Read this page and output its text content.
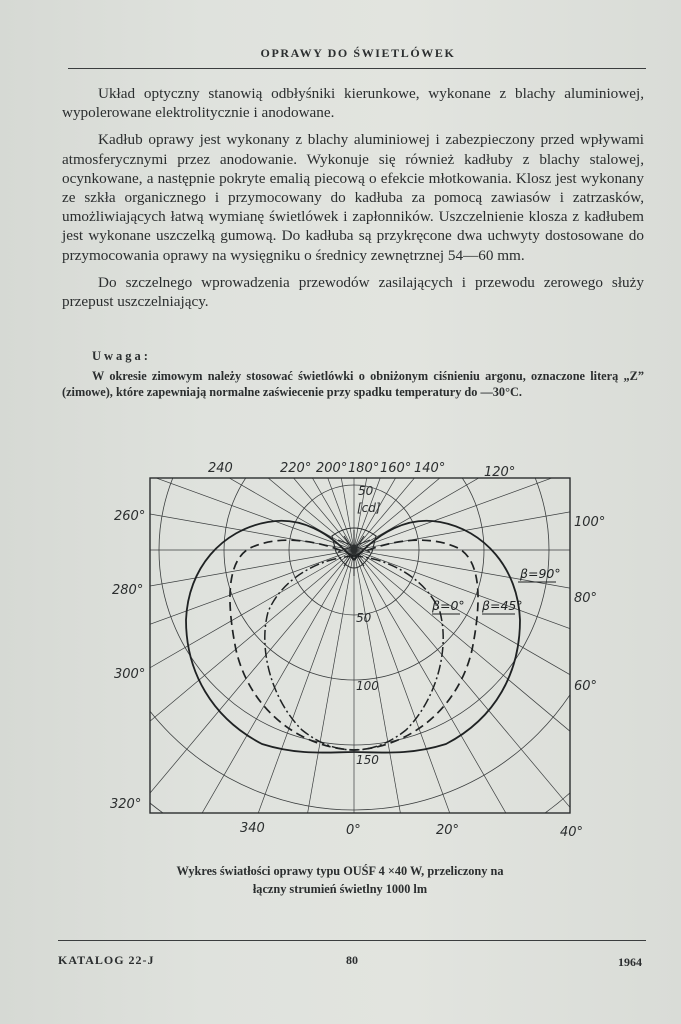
OPRAWY DO ŚWIETLÓWEK

Układ optyczny stanowią odbłyśniki kierunkowe, wykonane z blachy aluminiowej, wypolerowane elektrolitycznie i anodowane.

Kadłub oprawy jest wykonany z blachy aluminiowej i zabezpieczony przed wpływami atmosferycznymi przez anodowanie. Wykonuje się również kadłuby z blachy stalowej, ocynkowane, a następnie pokryte emalią piecową o efekcie młotkowania. Klosz jest wykonany ze szkła organicznego i przymocowany do kadłuba za pomocą zawiasów i zatrzasków, umożliwiających łatwą wymianę świetlówek i zapłonników. Uszczelnienie klosza z kadłubem jest wykonane uszczelką gumową. Do kadłuba są przykręcone dwa uchwyty dostosowane do przymocowania oprawy na wysięgniku o średnicy zewnętrznej 54—60 mm.

Do szczelnego wprowadzenia przewodów zasilających i przewodu zerowego służy przepust uszczelniający.

Uwaga:
W okresie zimowym należy stosować świetlówki o obniżonym ciśnieniu argonu, oznaczone literą „Z” (zimowe), które zapewniają normalne zaświecenie przy spadku temperatury do —30°C.
240	220° 200° 180° 160° 140°	120°
260°
280°
300°
320°
100°
80°
60°
340	0°	20°	40°
50
[cd]
50
100
150
β=0° β=45°
β=90°
Wykres światłości oprawy typu OUŚF 4 ×40 W, przeliczony na
łączny strumień świetlny 1000 lm
KATALOG 22-J	80	1964
